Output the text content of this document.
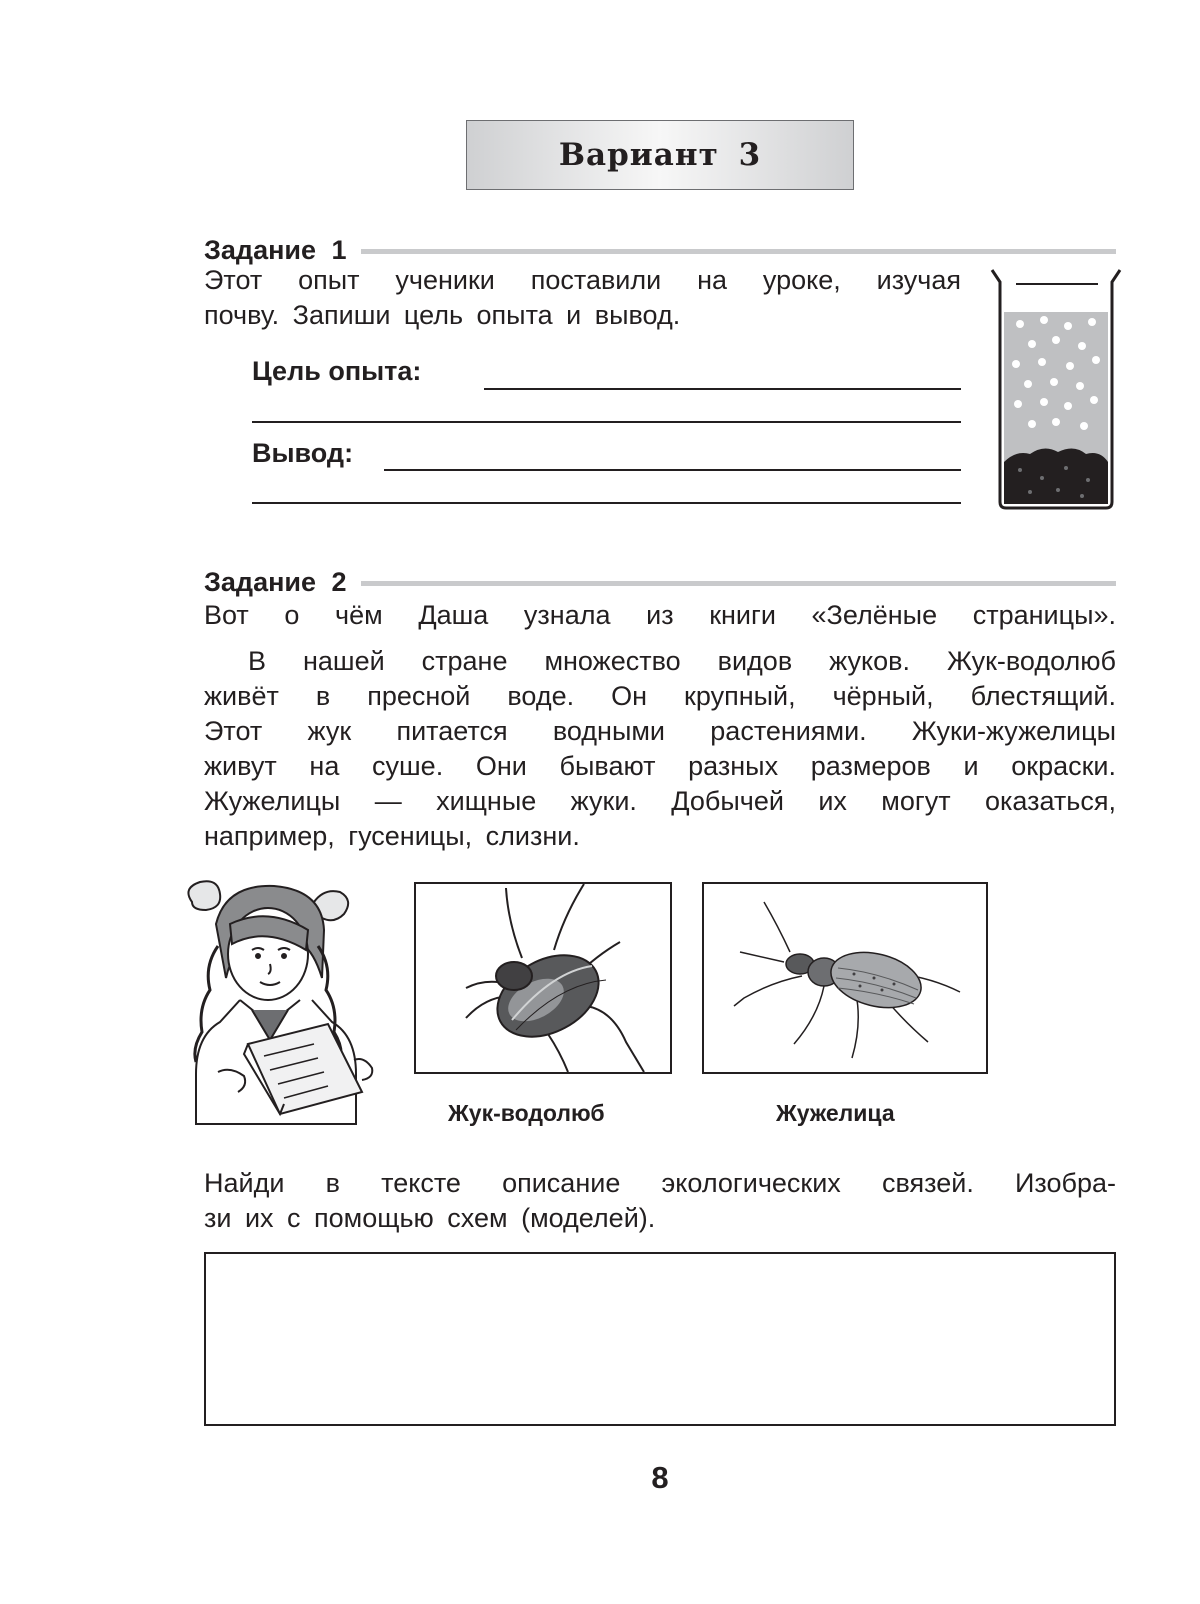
Вариант 3
Задание 1

Этот опыт ученики поставили на уроке, изучая

почву. Запиши цель опыта и вывод.

Цель опыта:
Вывод:
Задание 2

Вот о чём Даша узнала из книги «Зелёные страницы».

В нашей стране множество видов жуков. Жук-водолюб

живёт в пресной воде. Он крупный, чёрный, блестящий.

Этот жук питается водными растениями. Жуки-жужелицы

живут на суше. Они бывают разных размеров и окраски.

Жужелицы — хищные жуки. Добычей их могут оказаться,

например, гусеницы, слизни.

Жук-водолюб	Жужелица

Найди в тексте описание экологических связей. Изобра-

зи их с помощью схем (моделей).

8
